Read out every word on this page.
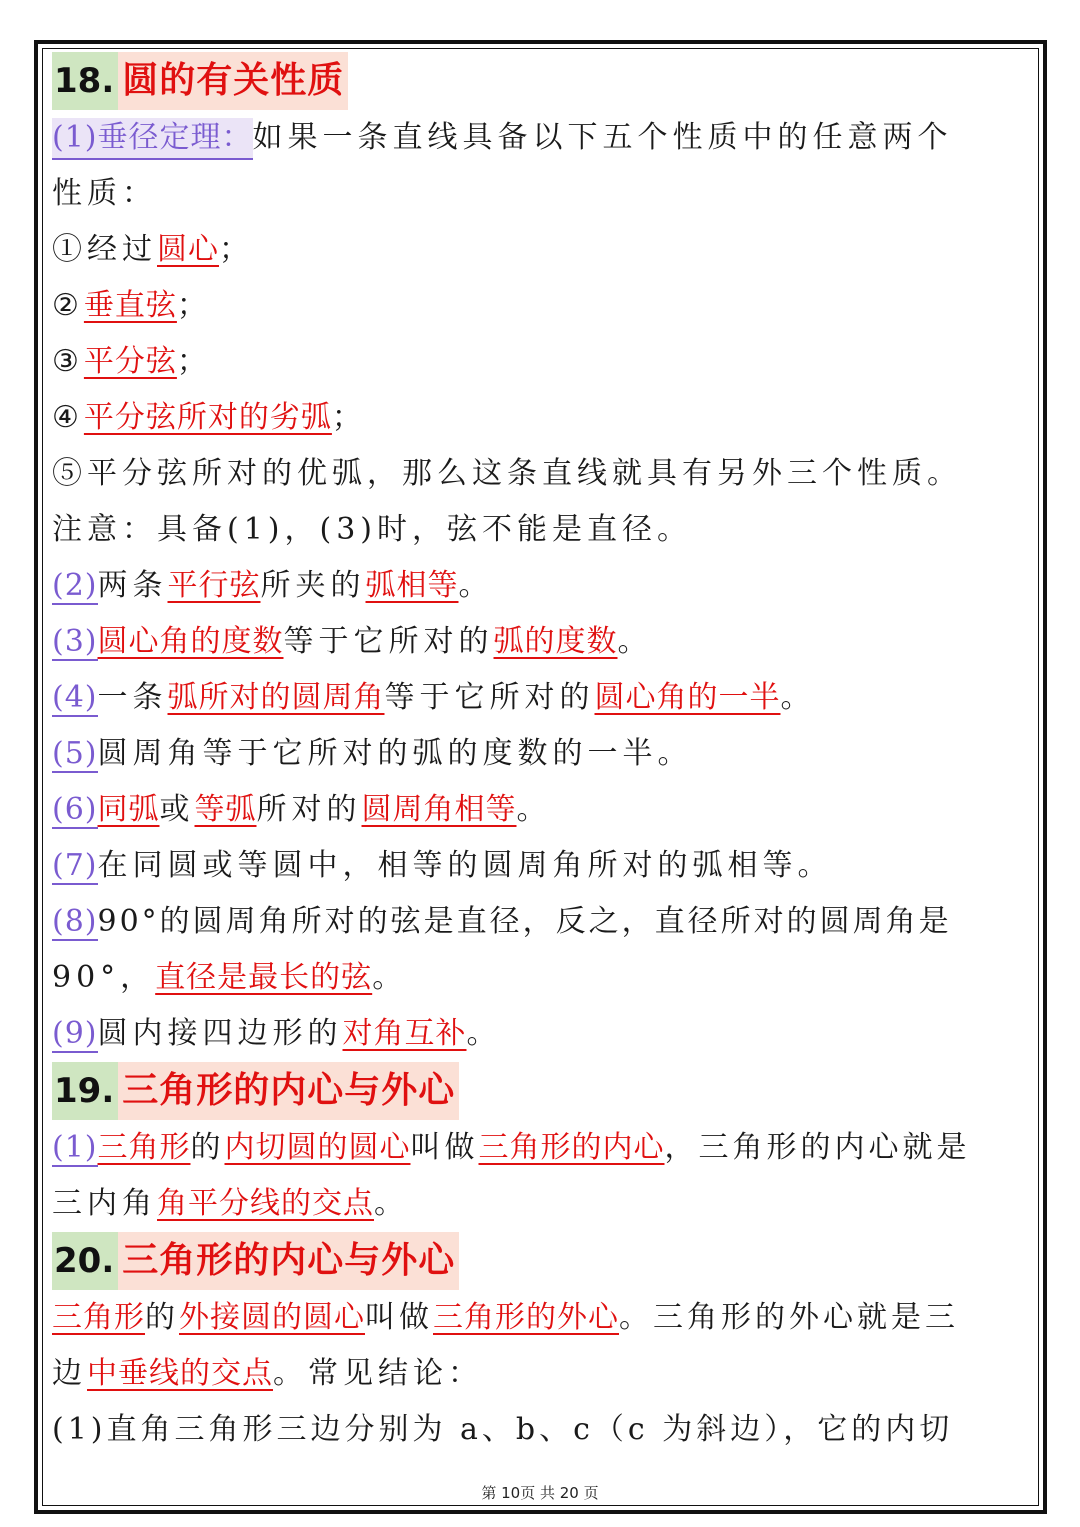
18. 圆的有关性质
(1)垂径定理：如果一条直线具备以下五个性质中的任意两个
性质：
①经过圆心；
②垂直弦；
③平分弦；
④平分弦所对的劣弧；
⑤平分弦所对的优弧，那么这条直线就具有另外三个性质。
注意：具备(1)，(3)时，弦不能是直径。
(2)两条平行弦所夹的弧相等。
(3)圆心角的度数等于它所对的弧的度数。
(4)一条弧所对的圆周角等于它所对的圆心角的一半。
(5)圆周角等于它所对的弧的度数的一半。
(6)同弧或等弧所对的圆周角相等。
(7)在同圆或等圆中，相等的圆周角所对的弧相等。
(8)90°的圆周角所对的弦是直径，反之，直径所对的圆周角是
90°，直径是最长的弦。
(9)圆内接四边形的对角互补。
19. 三角形的内心与外心
(1)三角形的内切圆的圆心叫做三角形的内心，三角形的内心就是
三内角角平分线的交点。
20. 三角形的内心与外心
三角形的外接圆的圆心叫做三角形的外心。三角形的外心就是三
边中垂线的交点。常见结论：
(1)直角三角形三边分别为 a、b、c（c 为斜边），它的内切
第 10页 共 20 页
